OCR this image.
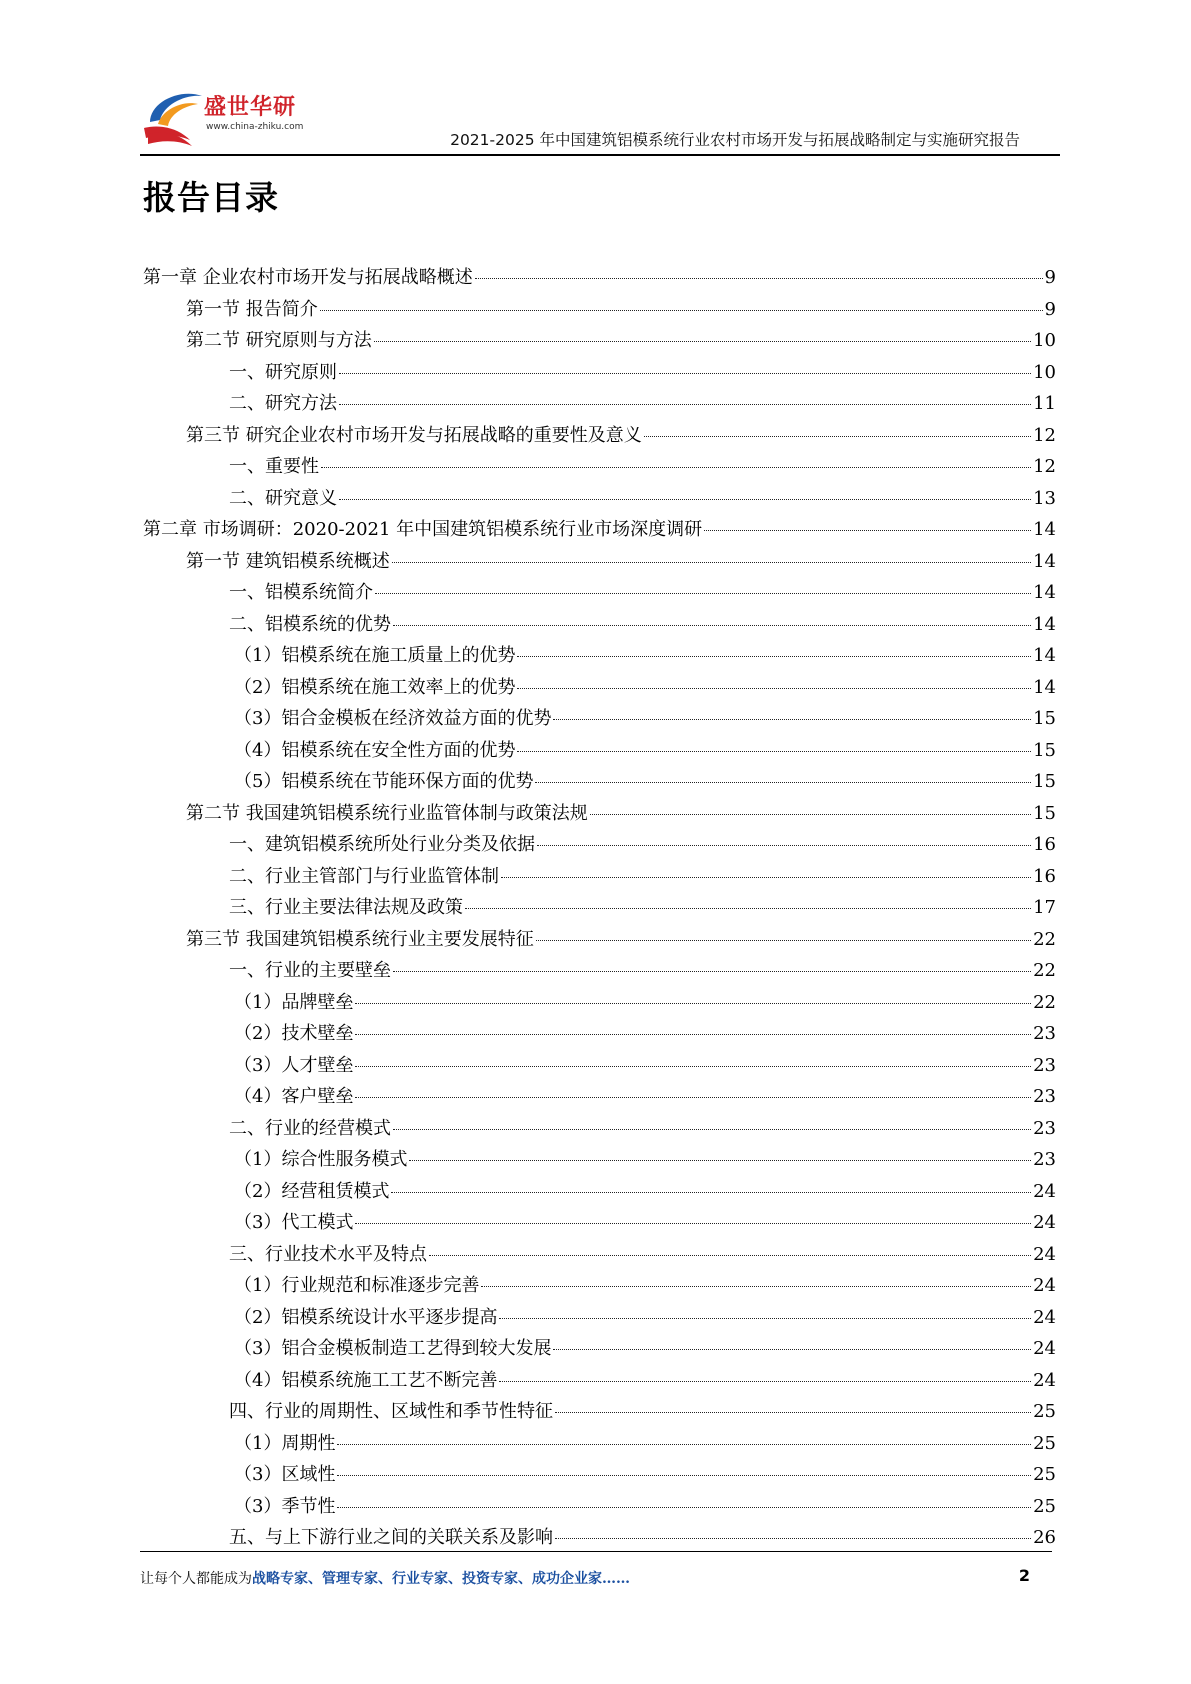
盛世华研
www.china-zhiku.com
2021-2025 年中国建筑铝模系统行业农村市场开发与拓展战略制定与实施研究报告
报告目录
第一章 企业农村市场开发与拓展战略概述	9
第一节 报告简介	9
第二节 研究原则与方法	10
一、研究原则	10
二、研究方法	11
第三节 研究企业农村市场开发与拓展战略的重要性及意义	12
一、重要性	12
二、研究意义	13
第二章 市场调研：2020-2021 年中国建筑铝模系统行业市场深度调研	14
第一节 建筑铝模系统概述	14
一、铝模系统简介	14
二、铝模系统的优势	14
（1）铝模系统在施工质量上的优势	14
（2）铝模系统在施工效率上的优势	14
（3）铝合金模板在经济效益方面的优势	15
（4）铝模系统在安全性方面的优势	15
（5）铝模系统在节能环保方面的优势	15
第二节 我国建筑铝模系统行业监管体制与政策法规	15
一、建筑铝模系统所处行业分类及依据	16
二、行业主管部门与行业监管体制	16
三、行业主要法律法规及政策	17
第三节 我国建筑铝模系统行业主要发展特征	22
一、行业的主要壁垒	22
（1）品牌壁垒	22
（2）技术壁垒	23
（3）人才壁垒	23
（4）客户壁垒	23
二、行业的经营模式	23
（1）综合性服务模式	23
（2）经营租赁模式	24
（3）代工模式	24
三、行业技术水平及特点	24
（1）行业规范和标准逐步完善	24
（2）铝模系统设计水平逐步提高	24
（3）铝合金模板制造工艺得到较大发展	24
（4）铝模系统施工工艺不断完善	24
四、行业的周期性、区域性和季节性特征	25
（1）周期性	25
（3）区域性	25
（3）季节性	25
五、与上下游行业之间的关联关系及影响	26
让每个人都能成为战略专家、管理专家、行业专家、投资专家、成功企业家……	2
